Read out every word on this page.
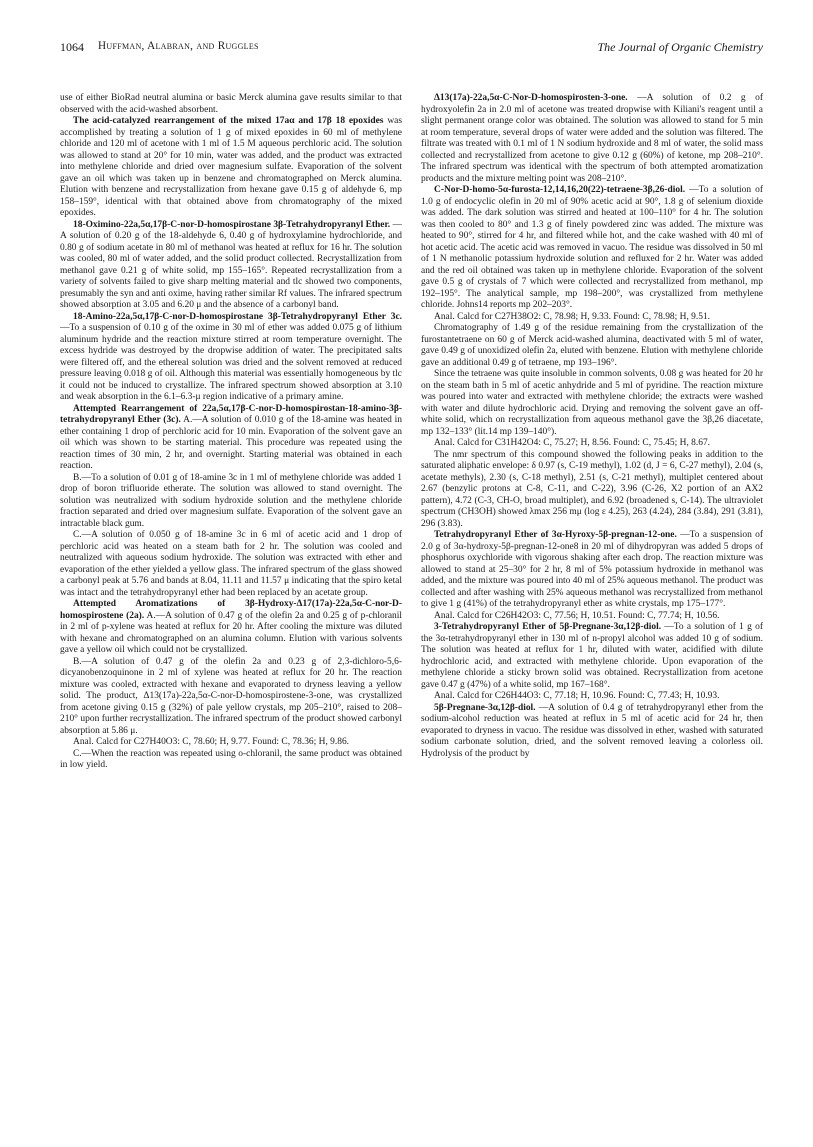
1064 Huffman, Alabran, and Ruggles	The Journal of Organic Chemistry

use of either BioRad neutral alumina or basic Merck alumina gave results similar to that observed with the acid-washed absorbent.

The acid-catalyzed rearrangement of the mixed 17aα and 17β 18 epoxides was accomplished by treating a solution of 1 g of mixed epoxides in 60 ml of methylene chloride and 120 ml of acetone with 1 ml of 1.5 M aqueous perchloric acid. The solution was allowed to stand at 20° for 10 min, water was added, and the product was extracted into methylene chloride and dried over magnesium sulfate. Evaporation of the solvent gave an oil which was taken up in benzene and chromatographed on Merck alumina. Elution with benzene and recrystallization from hexane gave 0.15 g of aldehyde 6, mp 158–159°, identical with that obtained above from chromatography of the mixed epoxides.

18-Oximino-22a,5α,17β-C-nor-D-homospirostane 3β-Tetrahydropyranyl Ether. —A solution of 0.20 g of the 18-aldehyde 6, 0.40 g of hydroxylamine hydrochloride, and 0.80 g of sodium acetate in 80 ml of methanol was heated at reflux for 16 hr. The solution was cooled, 80 ml of water added, and the solid product collected. Recrystallization from methanol gave 0.21 g of white solid, mp 155–165°. Repeated recrystallization from a variety of solvents failed to give sharp melting material and tlc showed two components, presumably the syn and anti oxime, having rather similar Rf values. The infrared spectrum showed absorption at 3.05 and 6.20 μ and the absence of a carbonyl band.

18-Amino-22a,5α,17β-C-nor-D-homospirostane 3β-Tetrahydropyranyl Ether 3c. —To a suspension of 0.10 g of the oxime in 30 ml of ether was added 0.075 g of lithium aluminum hydride and the reaction mixture stirred at room temperature overnight. The excess hydride was destroyed by the dropwise addition of water. The precipitated salts were filtered off, and the ethereal solution was dried and the solvent removed at reduced pressure leaving 0.018 g of oil. Although this material was essentially homogeneous by tlc it could not be induced to crystallize. The infrared spectrum showed absorption at 3.10 and weak absorption in the 6.1–6.3-μ region indicative of a primary amine.

Attempted Rearrangement of 22a,5α,17β-C-nor-D-homospirostan-18-amino-3β-tetrahydropyranyl Ether (3c). A.—A solution of 0.010 g of the 18-amine was heated in ether containing 1 drop of perchloric acid for 10 min. Evaporation of the solvent gave an oil which was shown to be starting material. This procedure was repeated using the reaction times of 30 min, 2 hr, and overnight. Starting material was obtained in each reaction.

B.—To a solution of 0.01 g of 18-amine 3c in 1 ml of methylene chloride was added 1 drop of boron trifluoride etherate. The solution was allowed to stand overnight. The solution was neutralized with sodium hydroxide solution and the methylene chloride fraction separated and dried over magnesium sulfate. Evaporation of the solvent gave an intractable black gum.

C.—A solution of 0.050 g of 18-amine 3c in 6 ml of acetic acid and 1 drop of perchloric acid was heated on a steam bath for 2 hr. The solution was cooled and neutralized with aqueous sodium hydroxide. The solution was extracted with ether and evaporation of the ether yielded a yellow glass. The infrared spectrum of the glass showed a carbonyl peak at 5.76 and bands at 8.04, 11.11 and 11.57 μ indicating that the spiro ketal was intact and the tetrahydropyranyl ether had been replaced by an acetate group.

Attempted Aromatizations of 3β-Hydroxy-Δ17(17a)-22a,5α-C-nor-D-homospirostene (2a). A.—A solution of 0.47 g of the olefin 2a and 0.25 g of p-chloranil in 2 ml of p-xylene was heated at reflux for 20 hr. After cooling the mixture was diluted with hexane and chromatographed on an alumina column. Elution with various solvents gave a yellow oil which could not be crystallized.

B.—A solution of 0.47 g of the olefin 2a and 0.23 g of 2,3-dichloro-5,6-dicyanobenzoquinone in 2 ml of xylene was heated at reflux for 20 hr. The reaction mixture was cooled, extracted with hexane and evaporated to dryness leaving a yellow solid. The product, Δ13(17a)-22a,5α-C-nor-D-homospirostene-3-one, was crystallized from acetone giving 0.15 g (32%) of pale yellow crystals, mp 205–210°, raised to 208–210° upon further recrystallization. The infrared spectrum of the product showed carbonyl absorption at 5.86 μ.

Anal. Calcd for C27H40O3: C, 78.60; H, 9.77. Found: C, 78.36; H, 9.86.

C.—When the reaction was repeated using o-chloranil, the same product was obtained in low yield.

Δ13(17a)-22a,5α-C-Nor-D-homospirosten-3-one. —A solution of 0.2 g of hydroxyolefin 2a in 2.0 ml of acetone was treated dropwise with Kiliani's reagent until a slight permanent orange color was obtained. The solution was allowed to stand for 5 min at room temperature, several drops of water were added and the solution was filtered. The filtrate was treated with 0.1 ml of 1 N sodium hydroxide and 8 ml of water, the solid mass collected and recrystallized from acetone to give 0.12 g (60%) of ketone, mp 208–210°. The infrared spectrum was identical with the spectrum of both attempted aromatization products and the mixture melting point was 208–210°.

C-Nor-D-homo-5α-furosta-12,14,16,20(22)-tetraene-3β,26-diol. —To a solution of 1.0 g of endocyclic olefin in 20 ml of 90% acetic acid at 90°, 1.8 g of selenium dioxide was added. The dark solution was stirred and heated at 100–110° for 4 hr. The solution was then cooled to 80° and 1.3 g of finely powdered zinc was added. The mixture was heated to 90°, stirred for 4 hr, and filtered while hot, and the cake washed with 40 ml of hot acetic acid. The acetic acid was removed in vacuo. The residue was dissolved in 50 ml of 1 N methanolic potassium hydroxide solution and refluxed for 2 hr. Water was added and the red oil obtained was taken up in methylene chloride. Evaporation of the solvent gave 0.5 g of crystals of 7 which were collected and recrystallized from methanol, mp 192–195°. The analytical sample, mp 198–200°, was crystallized from methylene chloride. Johns14 reports mp 202–203°.

Anal. Calcd for C27H38O2: C, 78.98; H, 9.33. Found: C, 78.98; H, 9.51.

Chromatography of 1.49 g of the residue remaining from the crystallization of the furostantetraene on 60 g of Merck acid-washed alumina, deactivated with 5 ml of water, gave 0.49 g of unoxidized olefin 2a, eluted with benzene. Elution with methylene chloride gave an additional 0.49 g of tetraene, mp 193–196°.

Since the tetraene was quite insoluble in common solvents, 0.08 g was heated for 20 hr on the steam bath in 5 ml of acetic anhydride and 5 ml of pyridine. The reaction mixture was poured into water and extracted with methylene chloride; the extracts were washed with water and dilute hydrochloric acid. Drying and removing the solvent gave an off-white solid, which on recrystallization from aqueous methanol gave the 3β,26 diacetate, mp 132–133° (lit.14 mp 139–140°).

Anal. Calcd for C31H42O4: C, 75.27; H, 8.56. Found: C, 75.45; H, 8.67.

The nmr spectrum of this compound showed the following peaks in addition to the saturated aliphatic envelope: δ 0.97 (s, C-19 methyl), 1.02 (d, J = 6, C-27 methyl), 2.04 (s, acetate methyls), 2.30 (s, C-18 methyl), 2.51 (s, C-21 methyl), multiplet centered about 2.67 (benzylic protons at C-8, C-11, and C-22), 3.96 (C-26, X2 portion of an AX2 pattern), 4.72 (C-3, CH-O, broad multiplet), and 6.92 (broadened s, C-14). The ultraviolet spectrum (CH3OH) showed λmax 256 mμ (log ε 4.25), 263 (4.24), 284 (3.84), 291 (3.81), 296 (3.83).

Tetrahydropyranyl Ether of 3α-Hyroxy-5β-pregnan-12-one. —To a suspension of 2.0 g of 3α-hydroxy-5β-pregnan-12-one8 in 20 ml of dihydropyran was added 5 drops of phosphorus oxychloride with vigorous shaking after each drop. The reaction mixture was allowed to stand at 25–30° for 2 hr, 8 ml of 5% potassium hydroxide in methanol was added, and the mixture was poured into 40 ml of 25% aqueous methanol. The product was collected and after washing with 25% aqueous methanol was recrystallized from methanol to give 1 g (41%) of the tetrahydropyranyl ether as white crystals, mp 175–177°.

Anal. Calcd for C26H42O3: C, 77.56; H, 10.51. Found: C, 77.74; H, 10.56.

3-Tetrahydropyranyl Ether of 5β-Pregnane-3α,12β-diol. —To a solution of 1 g of the 3α-tetrahydropyranyl ether in 130 ml of n-propyl alcohol was added 10 g of sodium. The solution was heated at reflux for 1 hr, diluted with water, acidified with dilute hydrochloric acid, and extracted with methylene chloride. Upon evaporation of the methylene chloride a sticky brown solid was obtained. Recrystallization from acetone gave 0.47 g (47%) of a white solid, mp 167–168°.

Anal. Calcd for C26H44O3: C, 77.18; H, 10.96. Found: C, 77.43; H, 10.93.

5β-Pregnane-3α,12β-diol. —A solution of 0.4 g of tetrahydropyranyl ether from the sodium-alcohol reduction was heated at reflux in 5 ml of acetic acid for 24 hr, then evaporated to dryness in vacuo. The residue was dissolved in ether, washed with saturated sodium carbonate solution, dried, and the solvent removed leaving a colorless oil. Hydrolysis of the product by
